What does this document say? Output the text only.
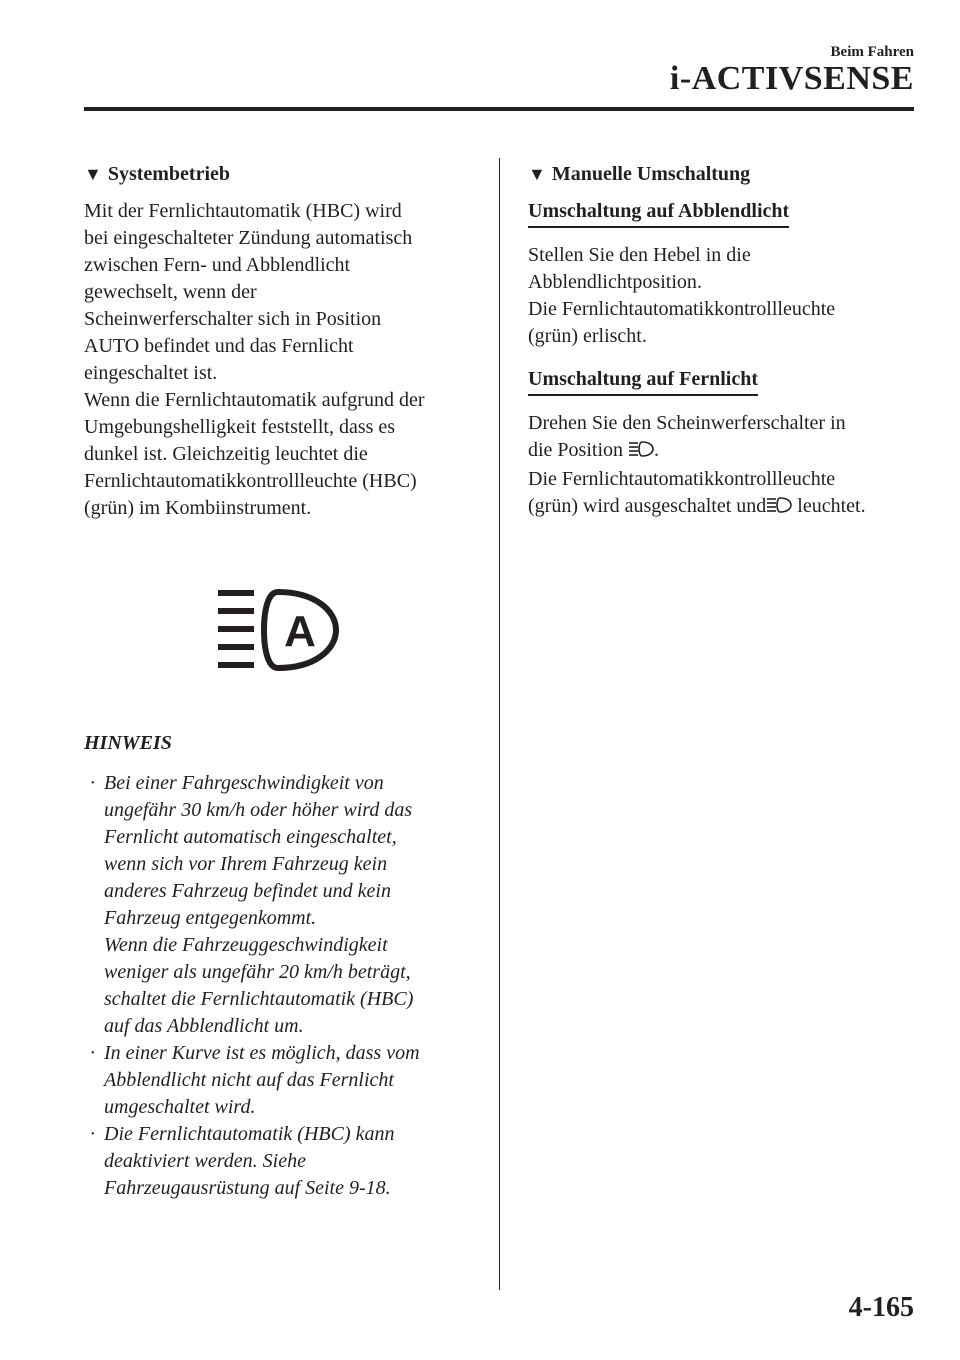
Beim Fahren
i-ACTIVSENSE
▼ Systembetrieb
Mit der Fernlichtautomatik (HBC) wird
bei eingeschalteter Zündung automatisch
zwischen Fern- und Abblendlicht
gewechselt, wenn der
Scheinwerferschalter sich in Position
AUTO befindet und das Fernlicht
eingeschaltet ist.
Wenn die Fernlichtautomatik aufgrund der
Umgebungshelligkeit feststellt, dass es
dunkel ist. Gleichzeitig leuchtet die
Fernlichtautomatikkontrollleuchte (HBC)
(grün) im Kombiinstrument.
A
HINWEIS
· Bei einer Fahrgeschwindigkeit von
ungefähr 30 km/h oder höher wird das
Fernlicht automatisch eingeschaltet,
wenn sich vor Ihrem Fahrzeug kein
anderes Fahrzeug befindet und kein
Fahrzeug entgegenkommt.
Wenn die Fahrzeuggeschwindigkeit
weniger als ungefähr 20 km/h beträgt,
schaltet die Fernlichtautomatik (HBC)
auf das Abblendlicht um.
· In einer Kurve ist es möglich, dass vom
Abblendlicht nicht auf das Fernlicht
umgeschaltet wird.
· Die Fernlichtautomatik (HBC) kann
deaktiviert werden. Siehe
Fahrzeugausrüstung auf Seite 9-18.
▼ Manuelle Umschaltung
Umschaltung auf Abblendlicht
Stellen Sie den Hebel in die
Abblendlichtposition.
Die Fernlichtautomatikkontrollleuchte
(grün) erlischt.
Umschaltung auf Fernlicht
Drehen Sie den Scheinwerferschalter in
die Position .
Die Fernlichtautomatikkontrollleuchte
(grün) wird ausgeschaltet und leuchtet.
4-165
